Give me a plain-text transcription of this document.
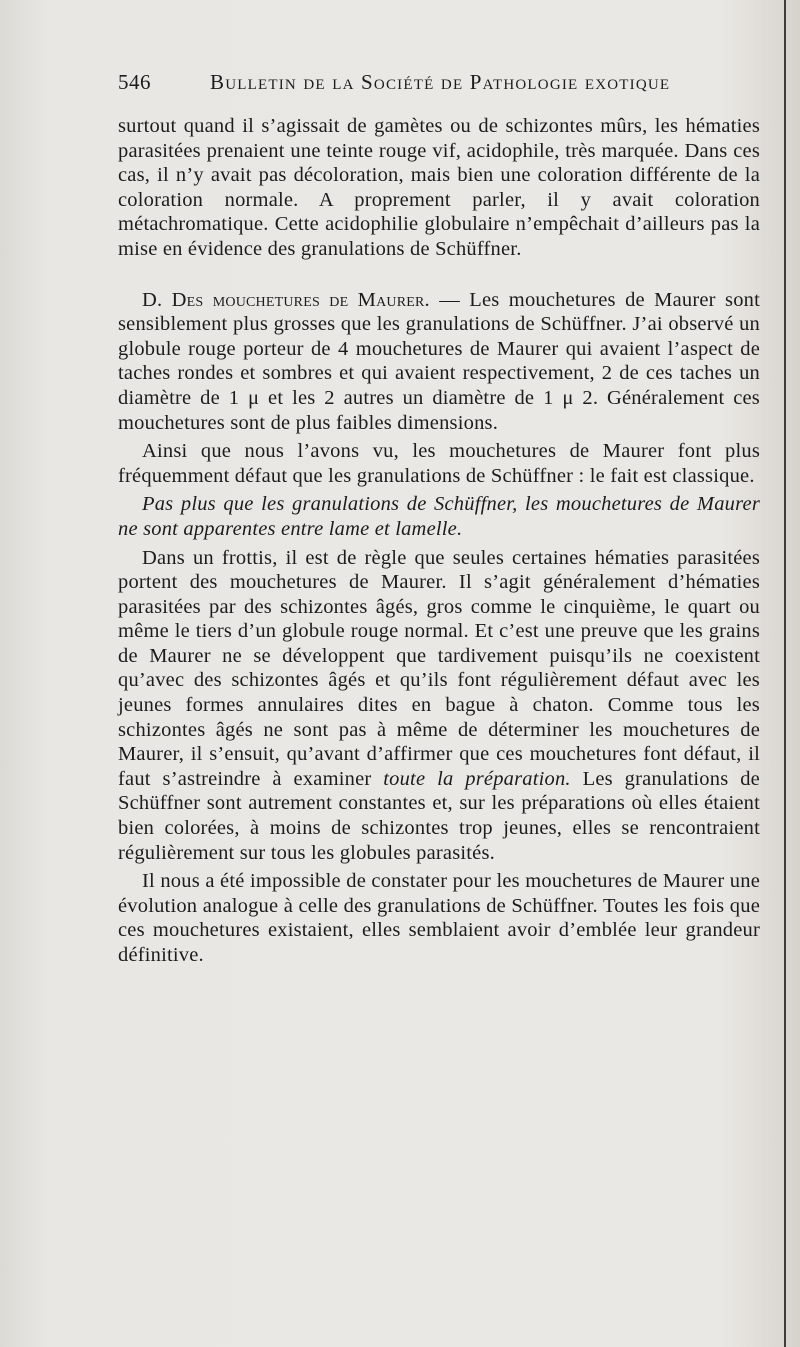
546	Bulletin de la Société de Pathologie exotique

surtout quand il s’agissait de gamètes ou de schizontes mûrs, les hématies parasitées prenaient une teinte rouge vif, acidophile, très marquée. Dans ces cas, il n’y avait pas décoloration, mais bien une coloration différente de la coloration normale. A proprement parler, il y avait coloration métachromatique. Cette acidophilie globulaire n’empêchait d’ailleurs pas la mise en évidence des granulations de Schüffner.

D. Des mouchetures de Maurer. — Les mouchetures de Maurer sont sensiblement plus grosses que les granulations de Schüffner. J’ai observé un globule rouge porteur de 4 mouchetures de Maurer qui avaient l’aspect de taches rondes et sombres et qui avaient respectivement, 2 de ces taches un diamètre de 1 μ et les 2 autres un diamètre de 1 μ 2. Généralement ces mouchetures sont de plus faibles dimensions.

Ainsi que nous l’avons vu, les mouchetures de Maurer font plus fréquemment défaut que les granulations de Schüffner : le fait est classique.

Pas plus que les granulations de Schüffner, les mouchetures de Maurer ne sont apparentes entre lame et lamelle.

Dans un frottis, il est de règle que seules certaines hématies parasitées portent des mouchetures de Maurer. Il s’agit généralement d’hématies parasitées par des schizontes âgés, gros comme le cinquième, le quart ou même le tiers d’un globule rouge normal. Et c’est une preuve que les grains de Maurer ne se développent que tardivement puisqu’ils ne coexistent qu’avec des schizontes âgés et qu’ils font régulièrement défaut avec les jeunes formes annulaires dites en bague à chaton. Comme tous les schizontes âgés ne sont pas à même de déterminer les mouchetures de Maurer, il s’ensuit, qu’avant d’affirmer que ces mouchetures font défaut, il faut s’astreindre à examiner toute la préparation. Les granulations de Schüffner sont autrement constantes et, sur les préparations où elles étaient bien colorées, à moins de schizontes trop jeunes, elles se rencontraient régulièrement sur tous les globules parasités.

Il nous a été impossible de constater pour les mouchetures de Maurer une évolution analogue à celle des granulations de Schüffner. Toutes les fois que ces mouchetures existaient, elles semblaient avoir d’emblée leur grandeur définitive.
